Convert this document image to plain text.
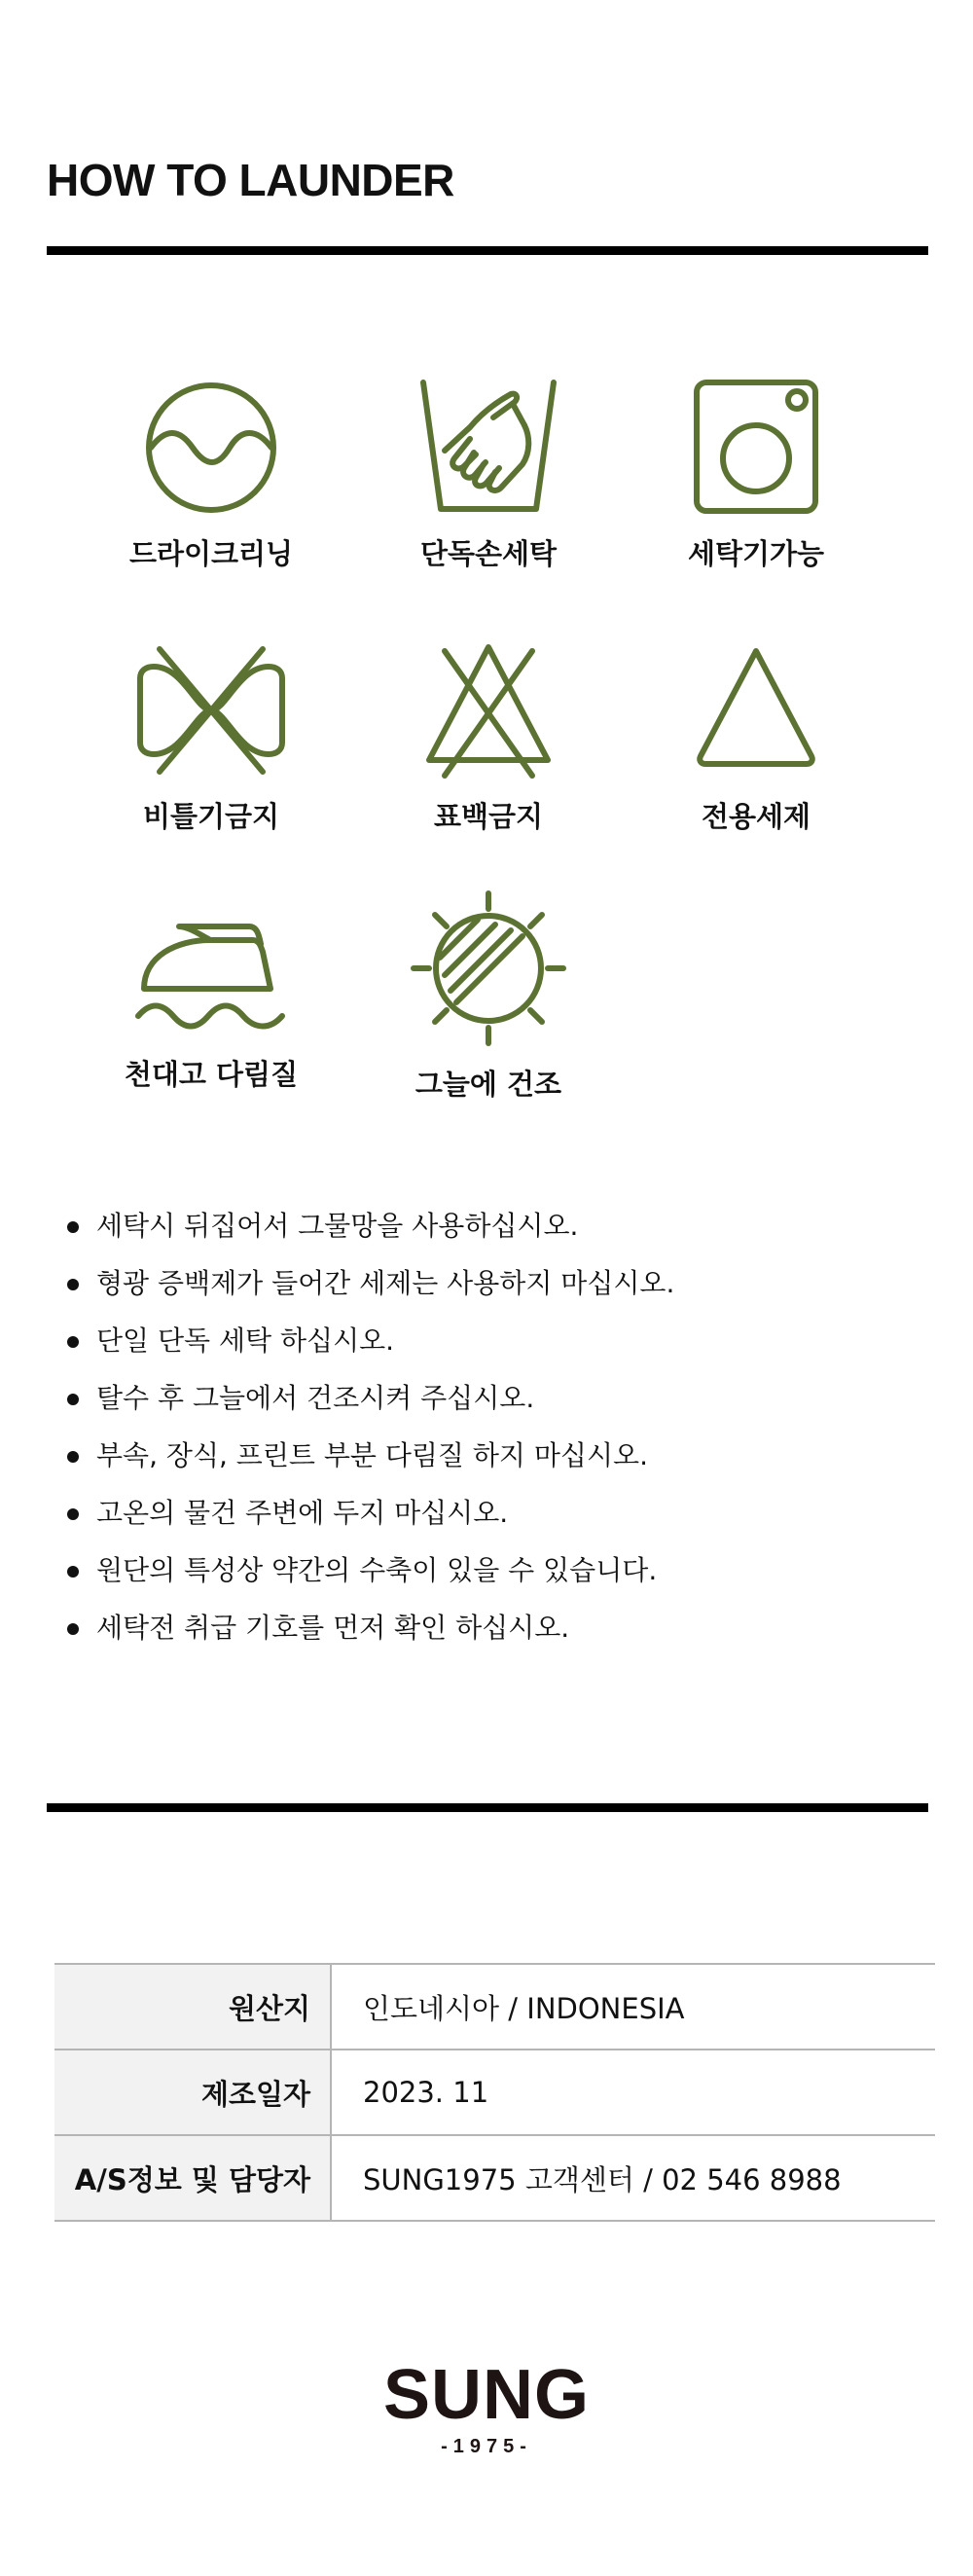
HOW TO LAUNDER
드라이크리닝	단독손세탁	세탁기가능
비틀기금지	표백금지	전용세제
천대고 다림질	그늘에 건조
세탁시 뒤집어서 그물망을 사용하십시오.
형광 증백제가 들어간 세제는 사용하지 마십시오.
단일 단독 세탁 하십시오.
탈수 후 그늘에서 건조시켜 주십시오.
부속, 장식, 프린트 부분 다림질 하지 마십시오.
고온의 물건 주변에 두지 마십시오.
원단의 특성상 약간의 수축이 있을 수 있습니다.
세탁전 취급 기호를 먼저 확인 하십시오.
원산지	인도네시아 / INDONESIA
제조일자	2023. 11
A/S정보 및 담당자	SUNG1975 고객센터 / 02 546 8988
SUNG
-1975-
